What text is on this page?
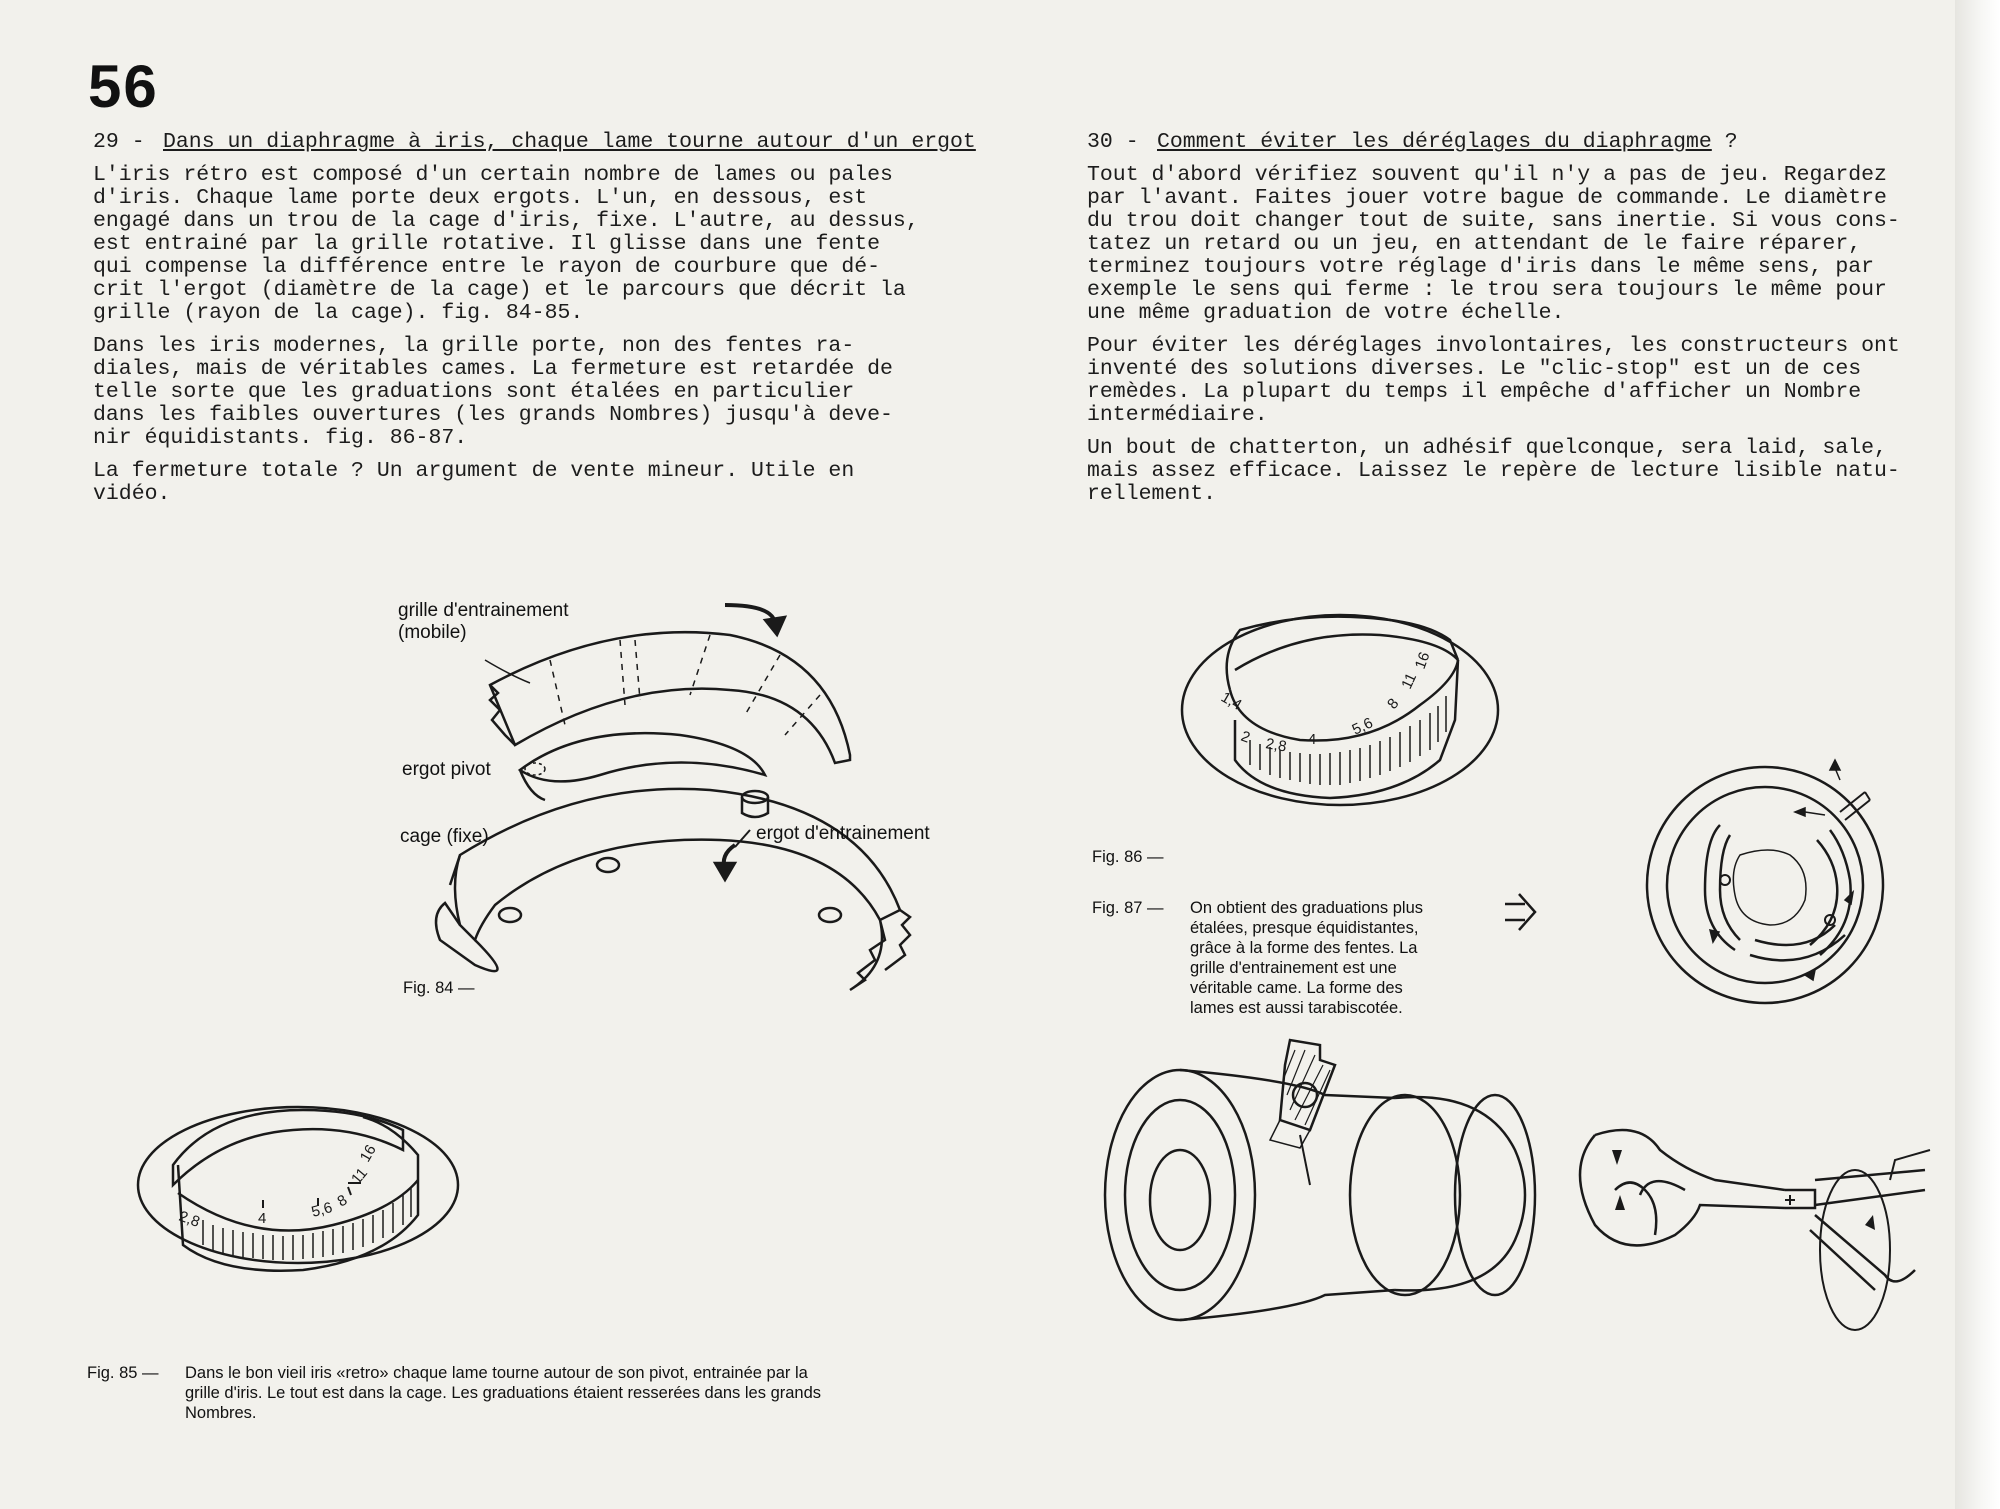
56
29 - Dans un diaphragme à iris, chaque lame tourne autour d'un ergot

L'iris rétro est composé d'un certain nombre de lames ou pales
d'iris. Chaque lame porte deux ergots. L'un, en dessous, est
engagé dans un trou de la cage d'iris, fixe. L'autre, au dessus,
est entrainé par la grille rotative. Il glisse dans une fente
qui compense la différence entre le rayon de courbure que dé-
crit l'ergot (diamètre de la cage) et le parcours que décrit la
grille (rayon de la cage). fig. 84-85.

Dans les iris modernes, la grille porte, non des fentes ra-
diales, mais de véritables cames. La fermeture est retardée de
telle sorte que les graduations sont étalées en particulier
dans les faibles ouvertures (les grands Nombres) jusqu'à deve-
nir équidistants. fig. 86-87.

La fermeture totale ? Un argument de vente mineur. Utile en
vidéo.

30 - Comment éviter les déréglages du diaphragme ?

Tout d'abord vérifiez souvent qu'il n'y a pas de jeu. Regardez
par l'avant. Faites jouer votre bague de commande. Le diamètre
du trou doit changer tout de suite, sans inertie. Si vous cons-
tatez un retard ou un jeu, en attendant de le faire réparer,
terminez toujours votre réglage d'iris dans le même sens, par
exemple le sens qui ferme : le trou sera toujours le même pour
une même graduation de votre échelle.

Pour éviter les déréglages involontaires, les constructeurs ont
inventé des solutions diverses. Le "clic-stop" est un de ces
remèdes. La plupart du temps il empêche d'afficher un Nombre
intermédiaire.

Un bout de chatterton, un adhésif quelconque, sera laid, sale,
mais assez efficace. Laissez le repère de lecture lisible natu-
rellement.

grille d'entrainement
(mobile)
ergot pivot
cage (fixe)	ergot d'entrainement
Fig. 84 —
2,8	4	5,6 8
11
16
Fig. 85 — Dans le bon vieil iris «retro» chaque lame tourne autour de son pivot, entrainée par la
grille d'iris. Le tout est dans la cage. Les graduations étaient resserées dans les grands
Nombres.
1,4
2 2,8 4
5,6
8
11
16
Fig. 86 —
Fig. 87 — On obtient des graduations plus
étalées, presque équidistantes,
grâce à la forme des fentes. La
grille d'entrainement est une
véritable came. La forme des
lames est aussi tarabiscotée.
